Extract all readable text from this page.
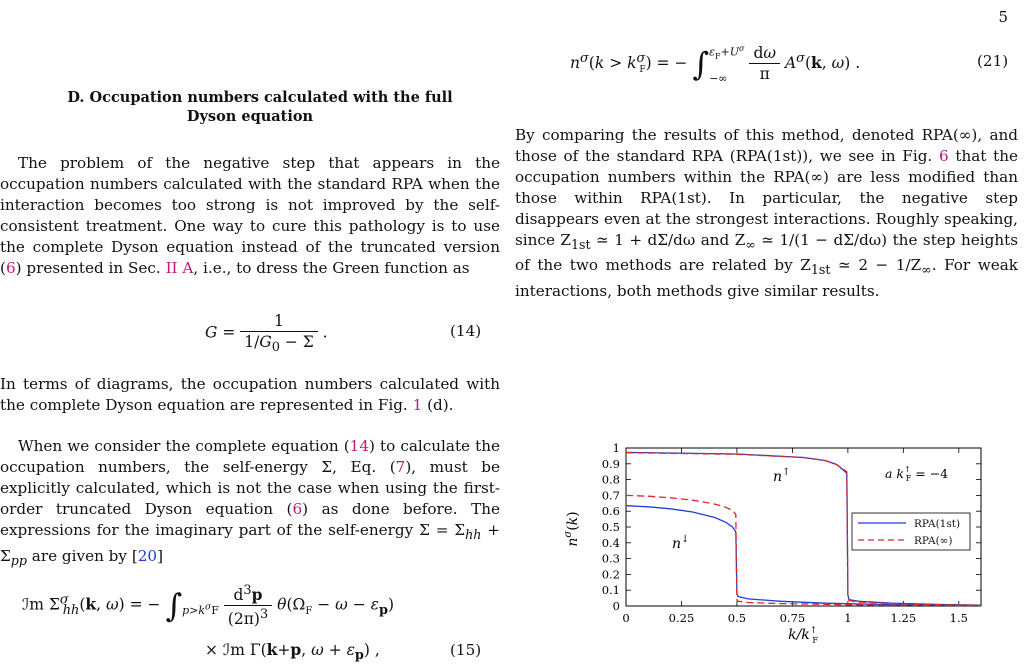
5
D. Occupation numbers calculated with the full
Dyson equation

The problem of the negative step that appears in the occupation numbers calculated with the standard RPA when the interaction becomes too strong is not improved by the self-consistent treatment. One way to cure this pathology is to use the complete Dyson equation instead of the truncated version (6) presented in Sec. II A, i.e., to dress the Green function as

$G = \frac{1}{1/G_0 - \Sigma}$ .	(14)

In terms of diagrams, the occupation numbers calculated with the complete Dyson equation are represented in Fig. 1 (d).

When we consider the complete equation (14) to calculate the occupation numbers, the self-energy Σ, Eq. (7), must be explicitly calculated, which is not the case when using the first-order truncated Dyson equation (6) as done before. The expressions for the imaginary part of the self-energy $\Sigma = \Sigma_{hh} + \Sigma_{pp}$ are given by [20]

ℐm $\Sigma^\sigma_{hh}(k$, ω) = − $\int_{p>k^\sigma F} \frac{d^3p}{(2\pi)^3} \theta(\Omega_F - \omega - \varepsilon_p)$
× ℐm Γ(k+p, $\omega + \varepsilon_p$) ,	(15)
$n^\sigma(k > k^\sigma_F)$ = − ∫ $\varepsilon_F+U^\sigma$
−∞
	$\frac{d\omega}{\pi} A^\sigma(k$, ω) .	(21)

By comparing the results of this method, denoted RPA(∞), and those of the standard RPA (RPA(1st)), we see in Fig. 6 that the occupation numbers within the RPA(∞) are less modified than those within RPA(1st). In particular, the negative step disappears even at the strongest interactions. Roughly speaking, since $Z_{1st}$ ≃ 1 + dΣ/dω and $Z_\infty$ ≃ 1/(1 − dΣ/dω) the step heights of the two methods are related by $Z_{1st}$ ≃ $2 - 1/Z_\infty$. For weak interactions, both methods give similar results.

0
0.1
0.2
0.3
0.4
0.5
0.6
0.7
0.8
0.9
1
0	0.25	0.5	0.75	1	1.25	1.5
n↑
n↓
a k↑ F = −4
RPA(1st)
RPA(∞)
$n^\sigma(k)$
k/k↑ F
